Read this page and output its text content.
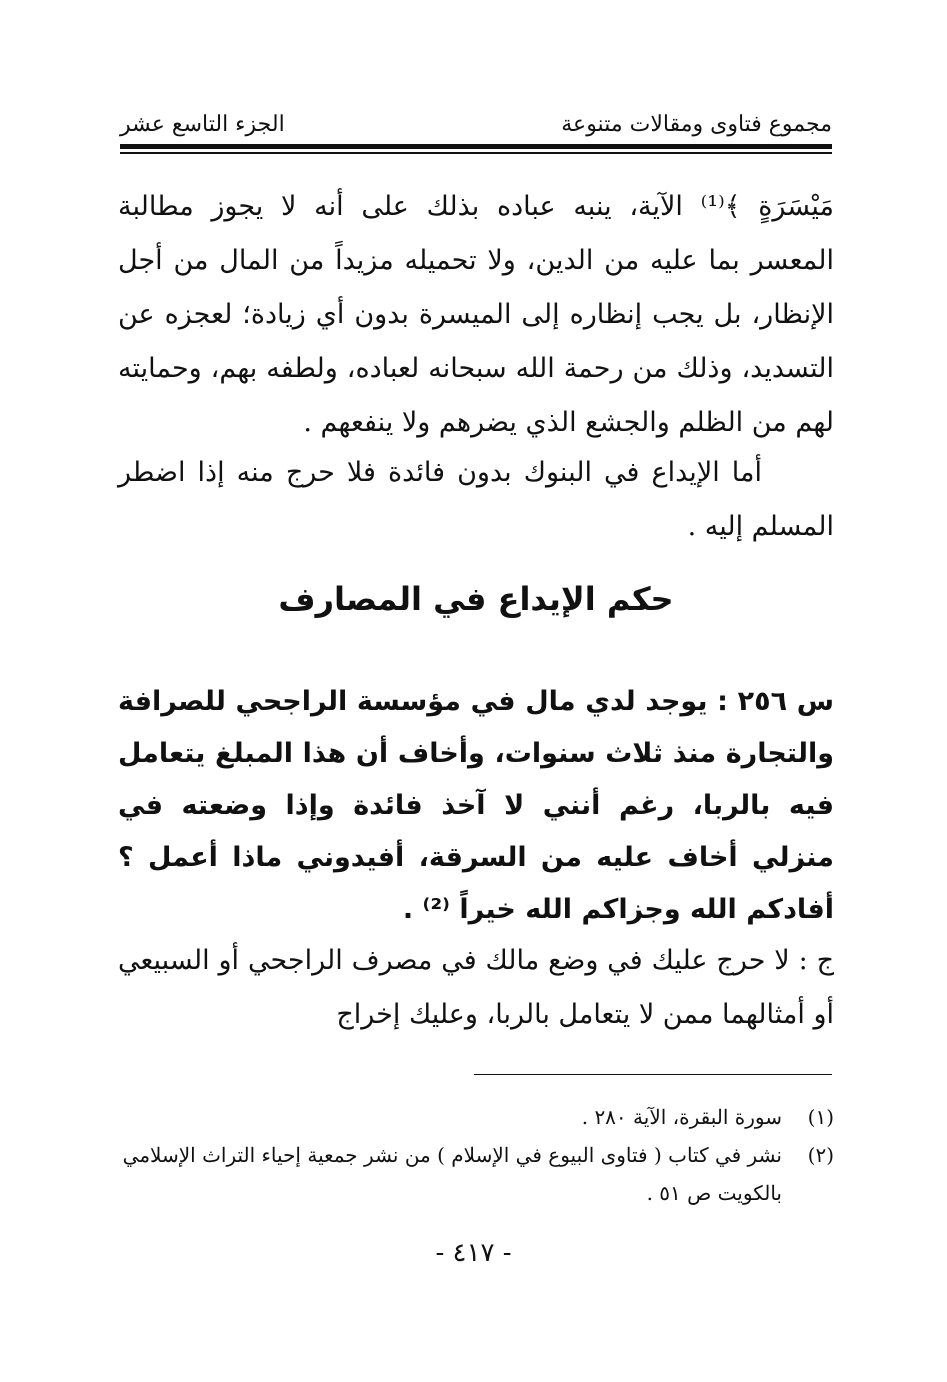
مجموع فتاوى ومقالات متنوعة
الجزء التاسع عشر
مَيْسَرَةٍ ﴾⁽¹⁾ الآية، ينبه عباده بذلك على أنه لا يجوز مطالبة المعسر بما عليه من الدين، ولا تحميله مزيداً من المال من أجل الإنظار، بل يجب إنظاره إلى الميسرة بدون أي زيادة؛ لعجزه عن التسديد، وذلك من رحمة الله سبحانه لعباده، ولطفه بهم، وحمايته لهم من الظلم والجشع الذي يضرهم ولا ينفعهم .
أما الإيداع في البنوك بدون فائدة فلا حرج منه إذا اضطر المسلم إليه .
حكم الإيداع في المصارف
س ٢٥٦ : يوجد لدي مال في مؤسسة الراجحي للصرافة والتجارة منذ ثلاث سنوات، وأخاف أن هذا المبلغ يتعامل فيه بالربا، رغم أنني لا آخذ فائدة وإذا وضعته في منزلي أخاف عليه من السرقة، أفيدوني ماذا أعمل ؟ أفادكم الله وجزاكم الله خيراً ⁽²⁾ .
ج : لا حرج عليك في وضع مالك في مصرف الراجحي أو السبيعي أو أمثالهما ممن لا يتعامل بالربا، وعليك إخراج
(١)
سورة البقرة، الآية ٢٨٠ .
(٢)
نشر في كتاب ( فتاوى البيوع في الإسلام ) من نشر جمعية إحياء التراث الإسلامي بالكويت ص ٥١ .
- ٤١٧ -
